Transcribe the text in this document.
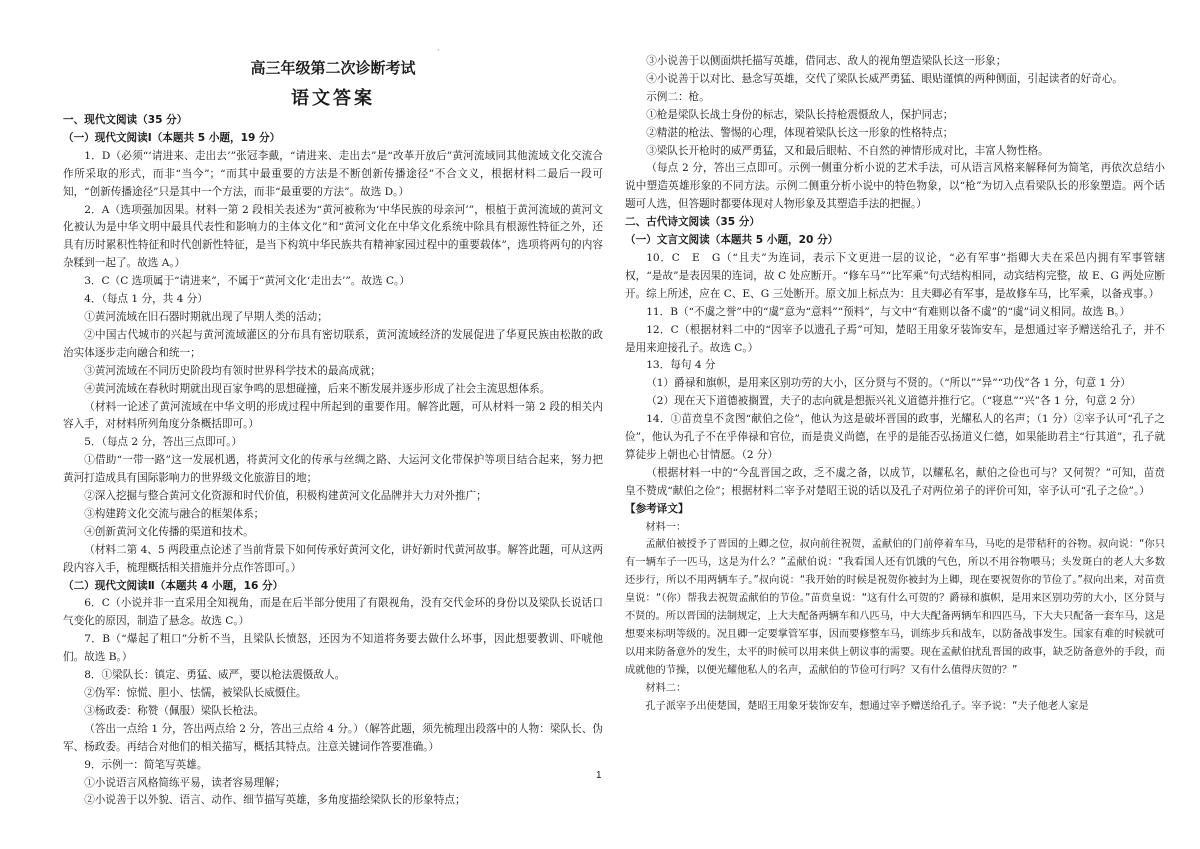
高三年级第二次诊断考试

语文答案

一、现代文阅读（35 分）

（一）现代文阅读Ⅰ（本题共 5 小题，19 分）

1．D（必须“‘请进来、走出去’”张冠李戴，“请进来、走出去”是“改革开放后”黄河流域同其他流域文化交流合作所采取的形式，而非“当今”；“而其中最重要的方法是不断创新传播途径”不合文义，根据材料二最后一段可知，“创新传播途径”只是其中一个方法，而非“最重要的方法”。故选 D。）

2．A（选项强加因果。材料一第 2 段相关表述为“黄河被称为‘中华民族的母亲河’”，根植于黄河流域的黄河文化被认为是中华文明中最具代表性和影响力的主体文化”和“黄河文化在中华文化系统中除具有根源性特征之外，还具有历时累积性特征和时代创新性特征，是当下构筑中华民族共有精神家园过程中的重要载体”，选项将两句的内容杂糅到一起了。故选 A。）

3．C（C 选项属于“请进来”，不属于“黄河文化‘走出去’”。故选 C。）

4．（每点 1 分，共 4 分）

①黄河流域在旧石器时期就出现了早期人类的活动；

②中国古代城市的兴起与黄河流域灌区的分布具有密切联系，黄河流域经济的发展促进了华夏民族由松散的政治实体逐步走向融合和统一；

③黄河流域在不同历史阶段均有领时世界科学技术的最高成就；

④黄河流域在春秋时期就出现百家争鸣的思想碰撞，后来不断发展并逐步形成了社会主流思想体系。

（材料一论述了黄河流域在中华文明的形成过程中所起到的重要作用。解答此题，可从材料一第 2 段的相关内容入手，对材料所列角度分条概括即可。）

5．（每点 2 分，答出三点即可。）

①借助“一带一路”这一发展机遇，将黄河文化的传承与丝绸之路、大运河文化带保护等项目结合起来，努力把黄河打造成具有国际影响力的世界级文化旅游目的地；

②深入挖掘与整合黄河文化资源和时代价值，积极构建黄河文化品牌并大力对外推广；

③构建跨文化交流与融合的框架体系；

④创新黄河文化传播的渠道和技术。

（材料二第 4、5 两段重点论述了当前背景下如何传承好黄河文化，讲好新时代黄河故事。解答此题，可从这两段内容入手，梳理概括相关措施并分点作答即可。）

（二）现代文阅读Ⅱ（本题共 4 小题，16 分）

6．C（小说并非一直采用全知视角，而是在后半部分使用了有限视角，没有交代金环的身份以及梁队长说话口气变化的原因，制造了悬念。故选 C。）

7．B（“爆起了粗口”分析不当，且梁队长愤怒，还因为不知道将务要去做什么坏事，因此想要教训、吓唬他们。故选 B。）

8．①梁队长：镇定、勇猛、威严，要以枪法震慑敌人。

②伪军：惊慌、胆小、怯懦，被梁队长威慑住。

③杨政委：称赞（佩服）梁队长枪法。

（答出一点给 1 分，答出两点给 2 分，答出三点给 4 分。）（解答此题，须先梳理出段落中的人物：梁队长、伪军、杨政委。再结合对他们的相关描写，概括其特点。注意关键词作答要准确。）

9．示例一：简笔写英雄。

①小说语言风格简练平易，读者容易理解；

②小说善于以外貌、语言、动作、细节描写英雄，多角度描绘梁队长的形象特点；

③小说善于以侧面烘托描写英雄，借同志、敌人的视角塑造梁队长这一形象；

④小说善于以对比、悬念写英雄，交代了梁队长威严勇猛、眼贴谨慎的两种侧面，引起读者的好奇心。

示例二：枪。

①枪是梁队长战士身份的标志，梁队长持枪震慑敌人，保护同志；

②精湛的枪法、警惕的心理，体现着梁队长这一形象的性格特点；

③梁队长开枪时的威严勇猛，又和最后眼帖、不自然的神情形成对比，丰富人物性格。

（每点 2 分，答出三点即可。示例一侧重分析小说的艺术手法，可从语言风格来解释何为简笔，再依次总结小说中塑造英雄形象的不同方法。示例二侧重分析小说中的特色物象，以“枪”为切入点看梁队长的形象塑造。两个话题可人选，但答题时都要体现对人物形象及其塑造手法的把握。）

二、古代诗文阅读（35 分）

（一）文言文阅读（本题共 5 小题，20 分）

10．C　E　G（“且夫”为连词，表示下文更进一层的议论，“必有军事”指卿大夫在采邑内拥有军事管辖权，“是故”是表因果的连词，故 C 处应断开。“修车马”“比军乘”句式结构相同，动宾结构完整，故 E、G 两处应断开。综上所述，应在 C、E、G 三处断开。原文加上标点为：且夫卿必有军事，是故修车马，比军乘，以备戎事。）

11．B（“不虞之誉”中的“虞”意为“意料”“预料”，与文中“有难则以备不虞”的“虞”词义相同。故选 B。）

12．C（根据材料二中的“因宰予以遗孔子焉”可知，楚昭王用象牙装饰安车，是想通过宰予赠送给孔子，并不是用来迎接孔子。故选 C。）

13．每句 4 分

（1）爵禄和旗帜，是用来区别功劳的大小，区分贤与不贤的。（“所以”“异”“功伐”各 1 分，句意 1 分）

（2）现在天下道德被搁置，夫子的志向就是想振兴礼义道德并推行它。（“寝息”“兴”各 1 分，句意 2 分）

14．①苗贲皇不贪图“献伯之俭”，他认为这是破坏晋国的政事，光耀私人的名声；（1 分）②宰予认可“孔子之俭”，他认为孔子不在乎俸禄和官位，而是贵义尚德，在乎的是能否弘扬道义仁德，如果能助君主“行其道”，孔子就算徒步上朝也心甘情愿。（2 分）

（根据材料一中的“今乱晋国之政，乏不虞之备，以成节，以耀私名，献伯之俭也可与？又何贺？”可知，苗贲皇不赞成“献伯之俭”；根据材料二宰予对楚昭王说的话以及孔子对两位弟子的评价可知，宰予认可“孔子之俭”。）

【参考译文】

材料一：

孟献伯被授予了晋国的上卿之位，叔向前往祝贺，孟献伯的门前停着车马，马吃的是带秸秆的谷物。叔向说：“你只有一辆车子一匹马，这是为什么？”孟献伯说：“我看国人还有饥饿的气色，所以不用谷物喂马；头发斑白的老人大多数还步行，所以不用两辆车子。”叔向说：“我开始的时候是祝贺你被封为上卿，现在要祝贺你的节俭了。”叔向出来，对苗贲皇说：“（你）帮我去祝贺孟献伯的节俭。”苗贲皇说：“这有什么可贺的？爵禄和旗帜，是用来区别功劳的大小，区分贤与不贤的。所以晋国的法制规定，上大夫配备两辆车和八匹马，中大夫配备两辆车和四匹马，下大夫只配备一套车马，这是想要来标明等级的。况且卿一定要掌管军事，因而要修整车马，训练步兵和战车，以防备战事发生。国家有难的时候就可以用来防备意外的发生，太平的时候可以用来供上朝议事的需要。现在孟献伯扰乱晋国的政事，缺乏防备意外的手段，而成就他的节操，以便光耀他私人的名声，孟献伯的节俭可行吗？又有什么值得庆贺的？”

材料二：

孔子派宰予出使楚国，楚昭王用象牙装饰安车，想通过宰予赠送给孔子。宰予说：“夫子他老人家是

1
·
